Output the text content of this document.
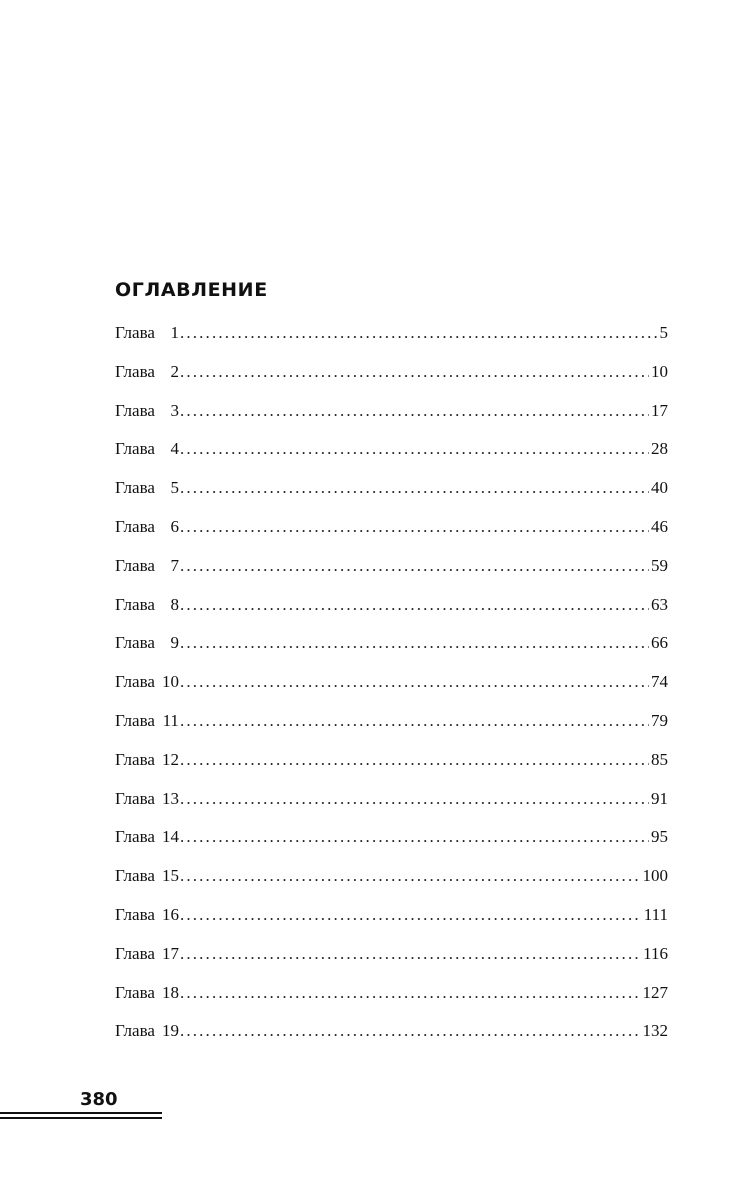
ОГЛАВЛЕНИЕ
Глава 1 . . .	5
Глава 2 . . .	10
Глава 3 . . .	17
Глава 4 . . .	28
Глава 5 . . .	40
Глава 6 . . .	46
Глава 7 . . .	59
Глава 8 . . .	63
Глава 9 . . .	66
Глава 10 . . .	74
Глава 11 . . .	79
Глава 12 . . .	85
Глава 13 . . .	91
Глава 14 . . .	95
Глава 15 . . .	100
Глава 16 . . .	111
Глава 17 . . .	116
Глава 18 . . .	127
Глава 19 . . .	132
380
